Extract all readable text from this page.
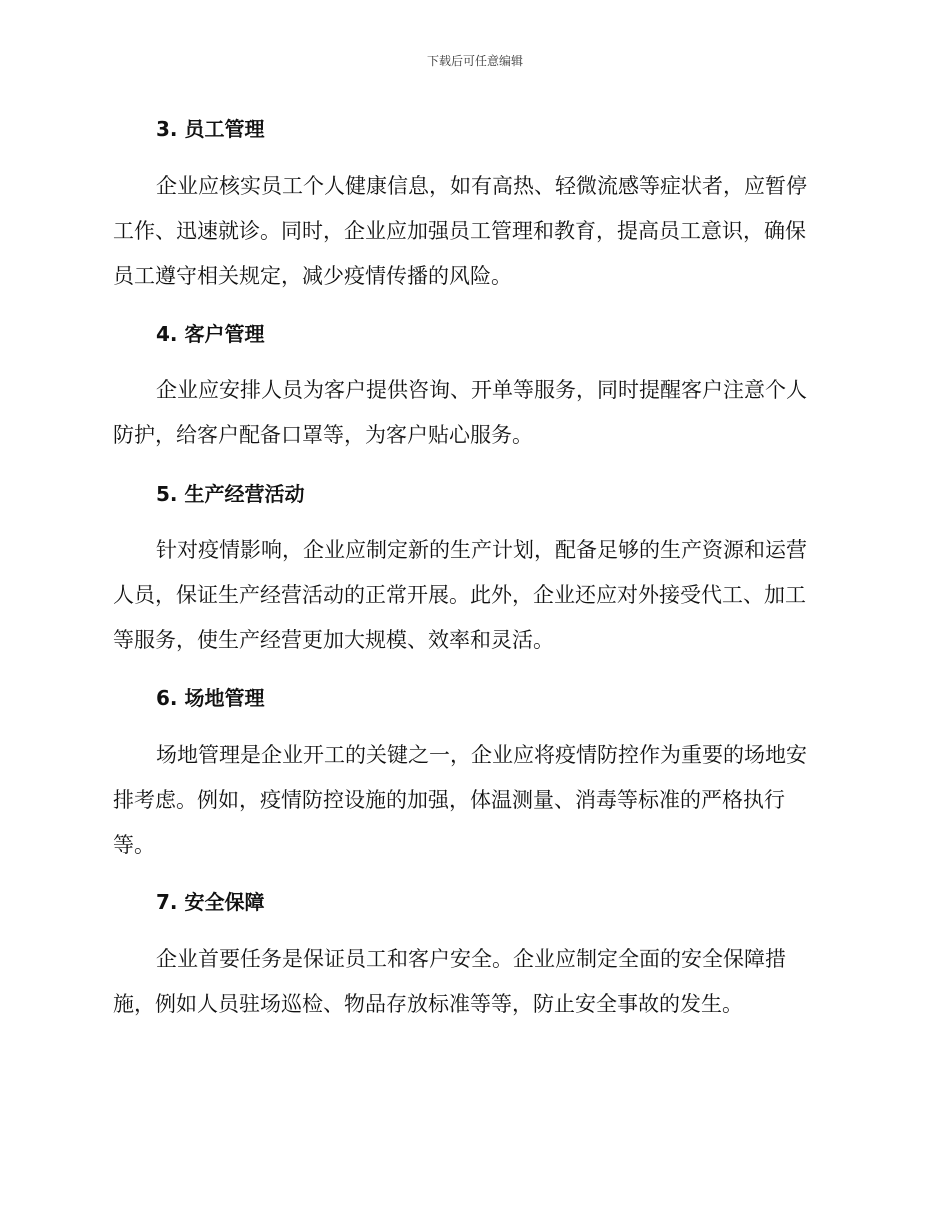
下载后可任意编辑
3. 员工管理
企业应核实员工个人健康信息，如有高热、轻微流感等症状者，应暂停
工作、迅速就诊。同时，企业应加强员工管理和教育，提高员工意识，确保
员工遵守相关规定，减少疫情传播的风险。
4. 客户管理
企业应安排人员为客户提供咨询、开单等服务，同时提醒客户注意个人
防护，给客户配备口罩等，为客户贴心服务。
5. 生产经营活动
针对疫情影响，企业应制定新的生产计划，配备足够的生产资源和运营
人员，保证生产经营活动的正常开展。此外，企业还应对外接受代工、加工
等服务，使生产经营更加大规模、效率和灵活。
6. 场地管理
场地管理是企业开工的关键之一，企业应将疫情防控作为重要的场地安
排考虑。例如，疫情防控设施的加强，体温测量、消毒等标准的严格执行
等。
7. 安全保障
企业首要任务是保证员工和客户安全。企业应制定全面的安全保障措
施，例如人员驻场巡检、物品存放标准等等，防止安全事故的发生。
